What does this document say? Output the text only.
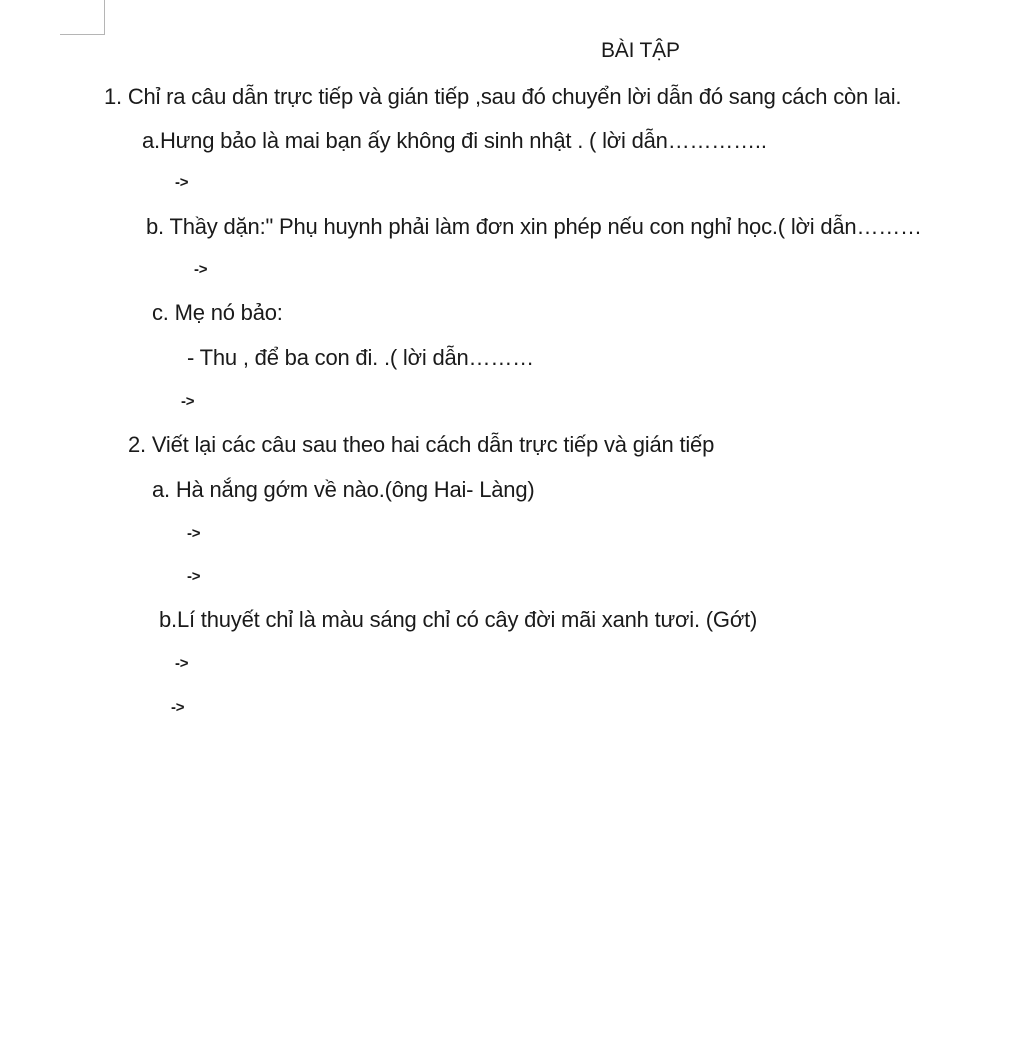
BÀI TẬP
1. Chỉ ra câu dẫn trực tiếp và gián tiếp ,sau đó chuyển lời dẫn đó sang cách còn lai.
a.Hưng bảo là mai bạn ấy không đi sinh nhật . ( lời dẫn…………..
->
b. Thầy dặn:" Phụ huynh phải làm đơn xin phép nếu con nghỉ học.( lời dẫn………
->
c. Mẹ nó bảo:
- Thu , để ba con đi. .( lời dẫn………
->
2. Viết lại các câu sau theo hai cách dẫn trực tiếp và gián tiếp
a. Hà nắng gớm về nào.(ông Hai- Làng)
->
->
b.Lí thuyết chỉ là màu sáng chỉ có cây đời mãi xanh tươi. (Gớt)
->
->
